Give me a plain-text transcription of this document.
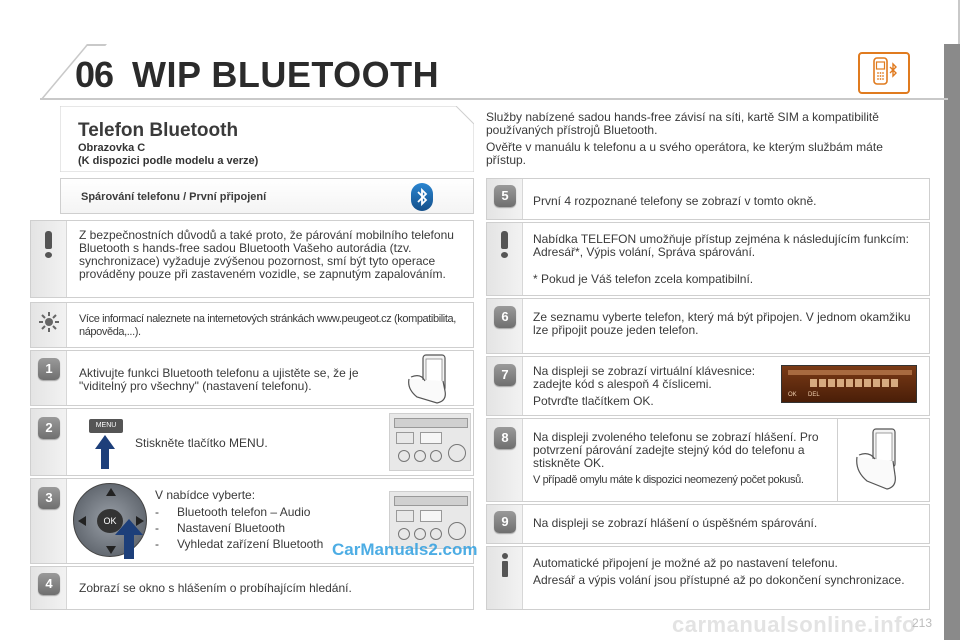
06 WIP BLUETOOTH
Telefon Bluetooth
Obrazovka C
(K dispozici podle modelu a verze)

Služby nabízené sadou hands-free závisí na síti, kartě SIM a kompatibilitě používaných přístrojů Bluetooth.

Ověřte v manuálu k telefonu a u svého operátora, ke kterým službám máte přístup.

Spárování telefonu / První připojení
Z bezpečnostních důvodů a také proto, že párování mobilního telefonu Bluetooth s hands-free sadou Bluetooth Vašeho autorádia (tzv. synchronizace) vyžaduje zvýšenou pozornost, smí být tyto operace prováděny pouze při zastaveném vozidle, se zapnutým zapalováním.
Více informací naleznete na internetových stránkách www.peugeot.cz (kompatibilita, nápověda,...).
1	Aktivujte funkci Bluetooth telefonu a ujistěte se, že je "viditelný pro všechny" (nastavení telefonu).
2	MENU
Stiskněte tlačítko MENU.
3
OK

V nabídce vyberte:

-	Bluetooth telefon – Audio
-	Nastavení Bluetooth
-	Vyhledat zařízení Bluetooth CarManuals2.com
4	Zobrazí se okno s hlášením o probíhajícím hledání.
5	První 4 rozpoznané telefony se zobrazí v tomto okně.

Nabídka TELEFON umožňuje přístup zejména k následujícím funkcím: Adresář*, Výpis volání, Správa spárování.

* Pokud je Váš telefon zcela kompatibilní.

6	Ze seznamu vyberte telefon, který má být připojen. V jednom okamžiku lze připojit pouze jeden telefon.
7	Na displeji se zobrazí virtuální klávesnice: zadejte kód s alespoň 4 číslicemi.

Potvrďte tlačítkem OK.	OK DEL
8	Na displeji zvoleného telefonu se zobrazí hlášení. Pro potvrzení párování zadejte stejný kód do telefonu a stiskněte OK.

V případě omylu máte k dispozici neomezený počet pokusů.

9	Na displeji se zobrazí hlášení o úspěšném spárování.

Automatické připojení je možné až po nastavení telefonu.

Adresář a výpis volání jsou přístupné až po dokončení synchronizace.

carmanualsonline.info
213
